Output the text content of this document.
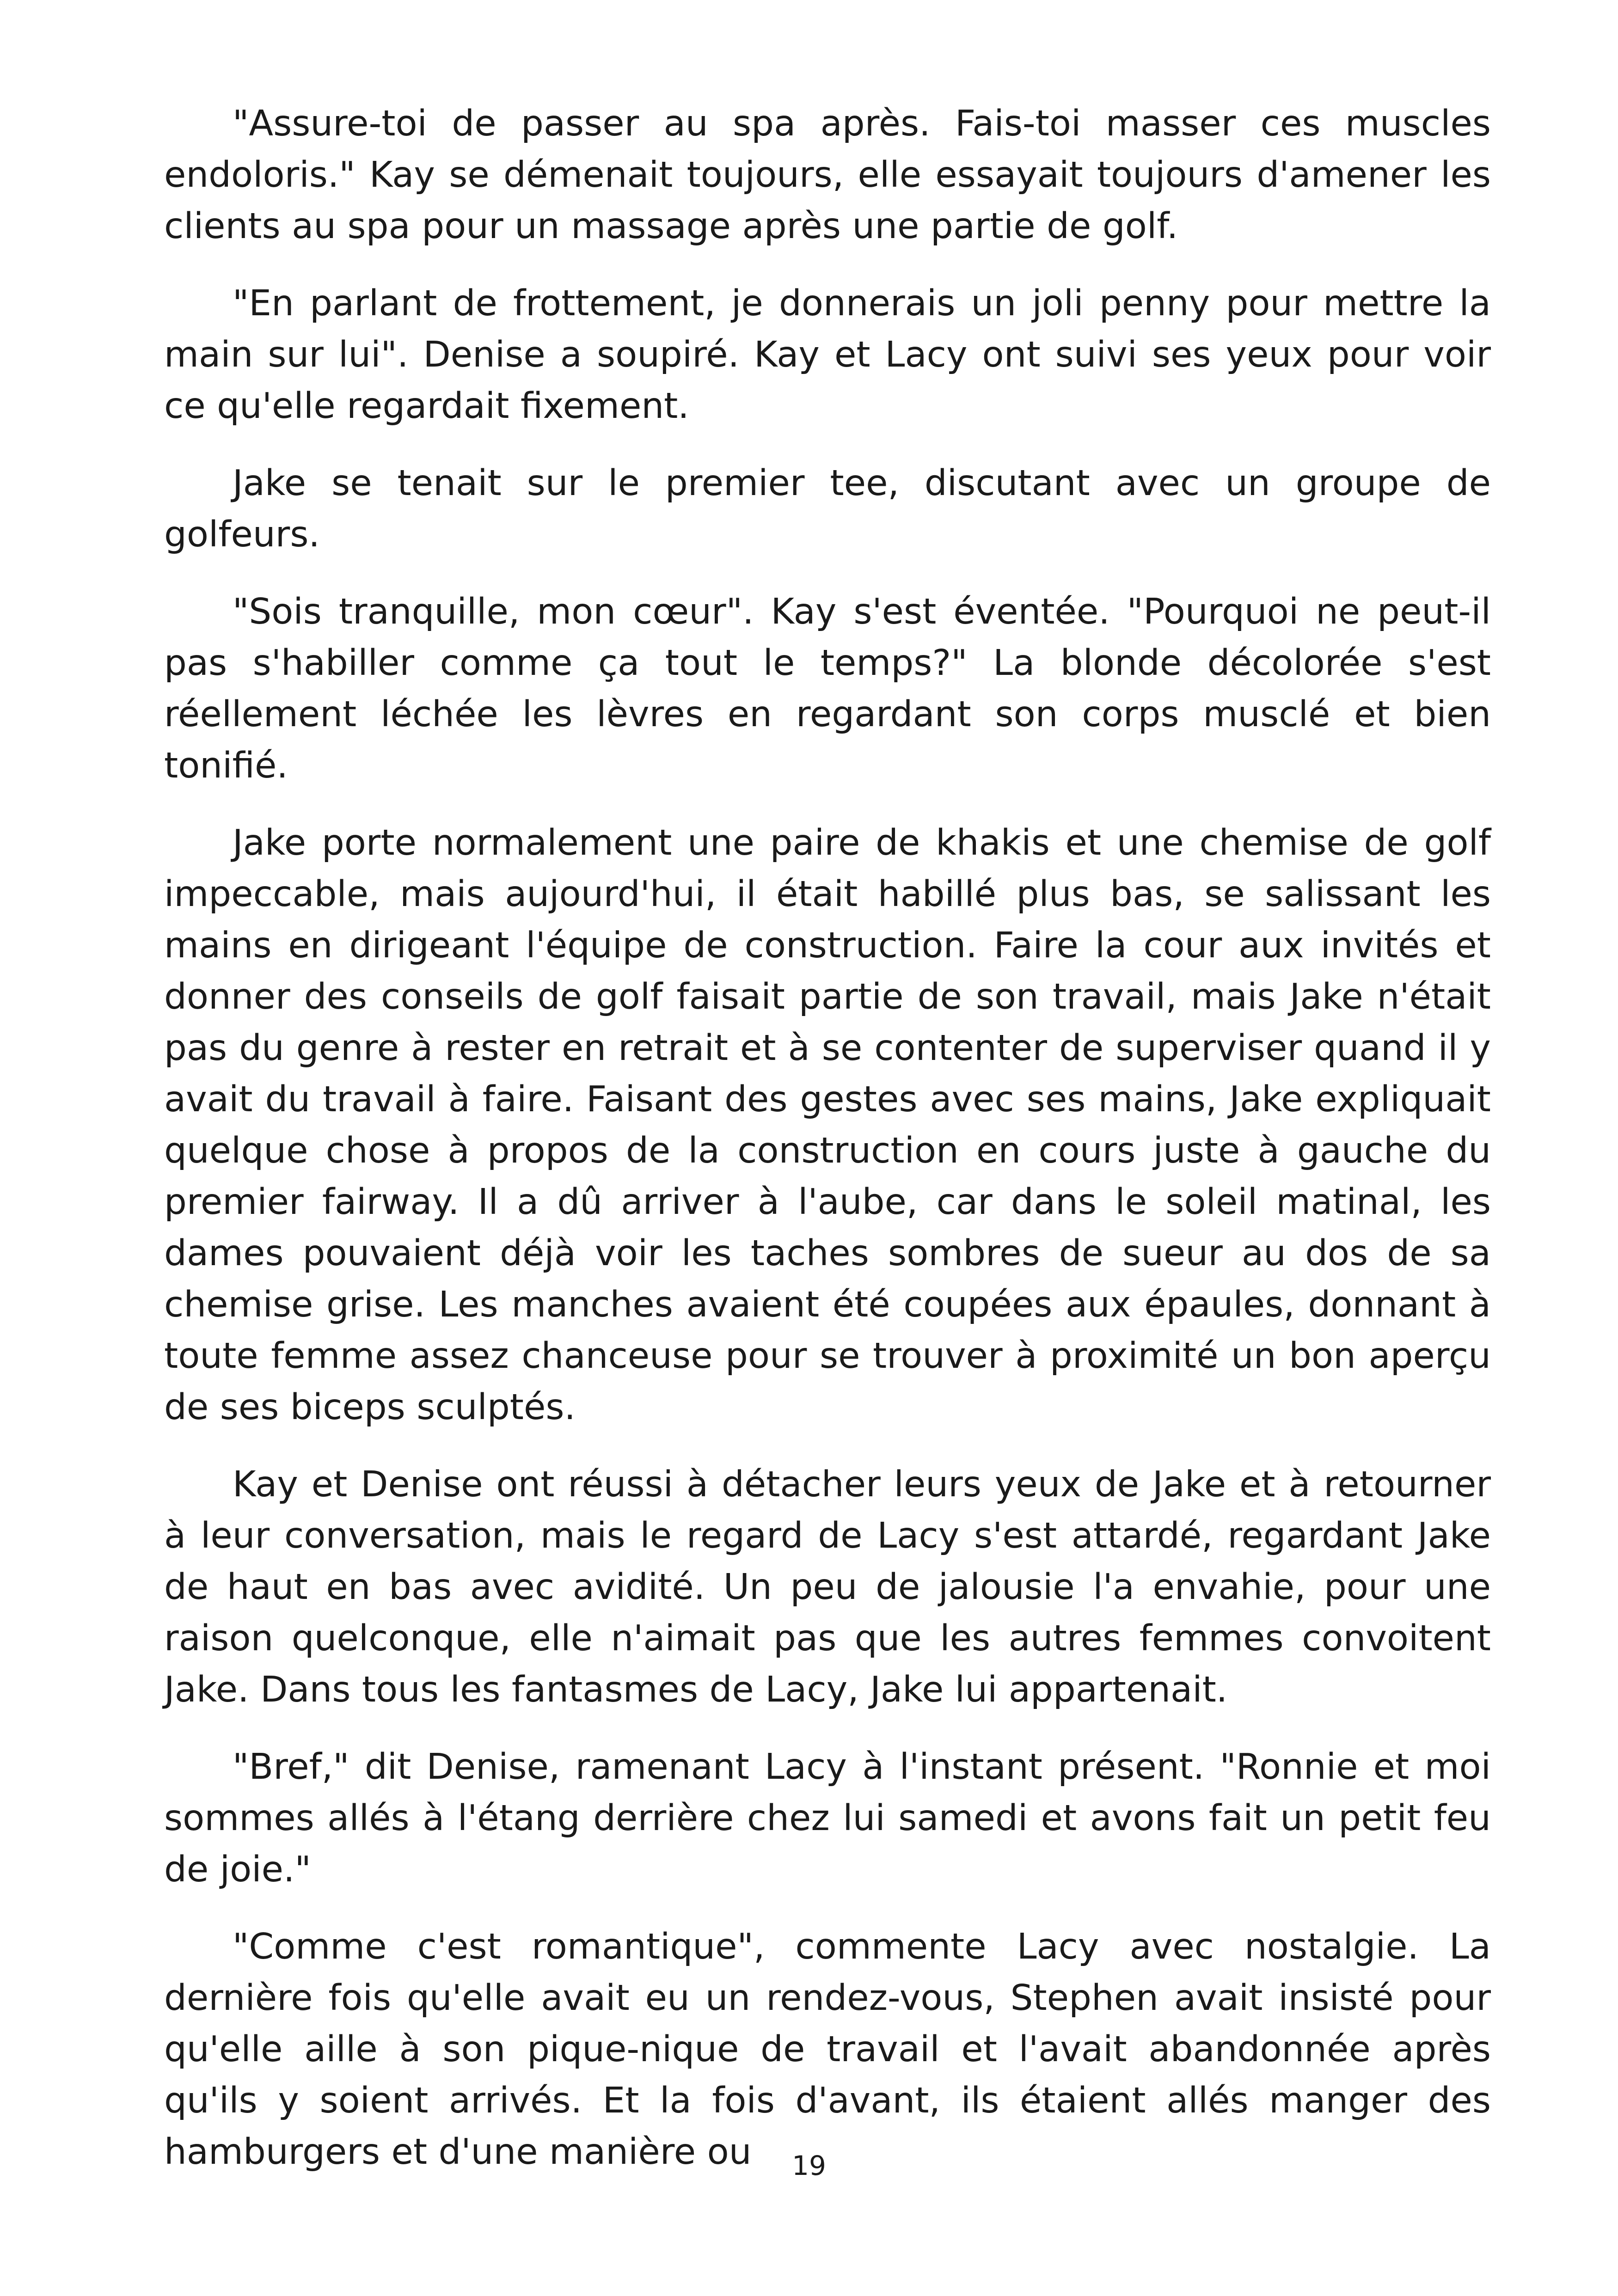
"Assure-toi de passer au spa après. Fais-toi masser ces muscles endoloris." Kay se démenait toujours, elle essayait toujours d'amener les clients au spa pour un massage après une partie de golf.

"En parlant de frottement, je donnerais un joli penny pour mettre la main sur lui". Denise a soupiré. Kay et Lacy ont suivi ses yeux pour voir ce qu'elle regardait fixement.

Jake se tenait sur le premier tee, discutant avec un groupe de golfeurs.

"Sois tranquille, mon cœur". Kay s'est éventée. "Pourquoi ne peut-il pas s'habiller comme ça tout le temps?" La blonde décolorée s'est réellement léchée les lèvres en regardant son corps musclé et bien tonifié.

Jake porte normalement une paire de khakis et une chemise de golf impeccable, mais aujourd'hui, il était habillé plus bas, se salissant les mains en dirigeant l'équipe de construction. Faire la cour aux invités et donner des conseils de golf faisait partie de son travail, mais Jake n'était pas du genre à rester en retrait et à se contenter de superviser quand il y avait du travail à faire. Faisant des gestes avec ses mains, Jake expliquait quelque chose à propos de la construction en cours juste à gauche du premier fairway. Il a dû arriver à l'aube, car dans le soleil matinal, les dames pouvaient déjà voir les taches sombres de sueur au dos de sa chemise grise. Les manches avaient été coupées aux épaules, donnant à toute femme assez chanceuse pour se trouver à proximité un bon aperçu de ses biceps sculptés.

Kay et Denise ont réussi à détacher leurs yeux de Jake et à retourner à leur conversation, mais le regard de Lacy s'est attardé, regardant Jake de haut en bas avec avidité. Un peu de jalousie l'a envahie, pour une raison quelconque, elle n'aimait pas que les autres femmes convoitent Jake. Dans tous les fantasmes de Lacy, Jake lui appartenait.

"Bref," dit Denise, ramenant Lacy à l'instant présent. "Ronnie et moi sommes allés à l'étang derrière chez lui samedi et avons fait un petit feu de joie."

"Comme c'est romantique", commente Lacy avec nostalgie. La dernière fois qu'elle avait eu un rendez-vous, Stephen avait insisté pour qu'elle aille à son pique-nique de travail et l'avait abandonnée après qu'ils y soient arrivés. Et la fois d'avant, ils étaient allés manger des hamburgers et d'une manière ou	19
